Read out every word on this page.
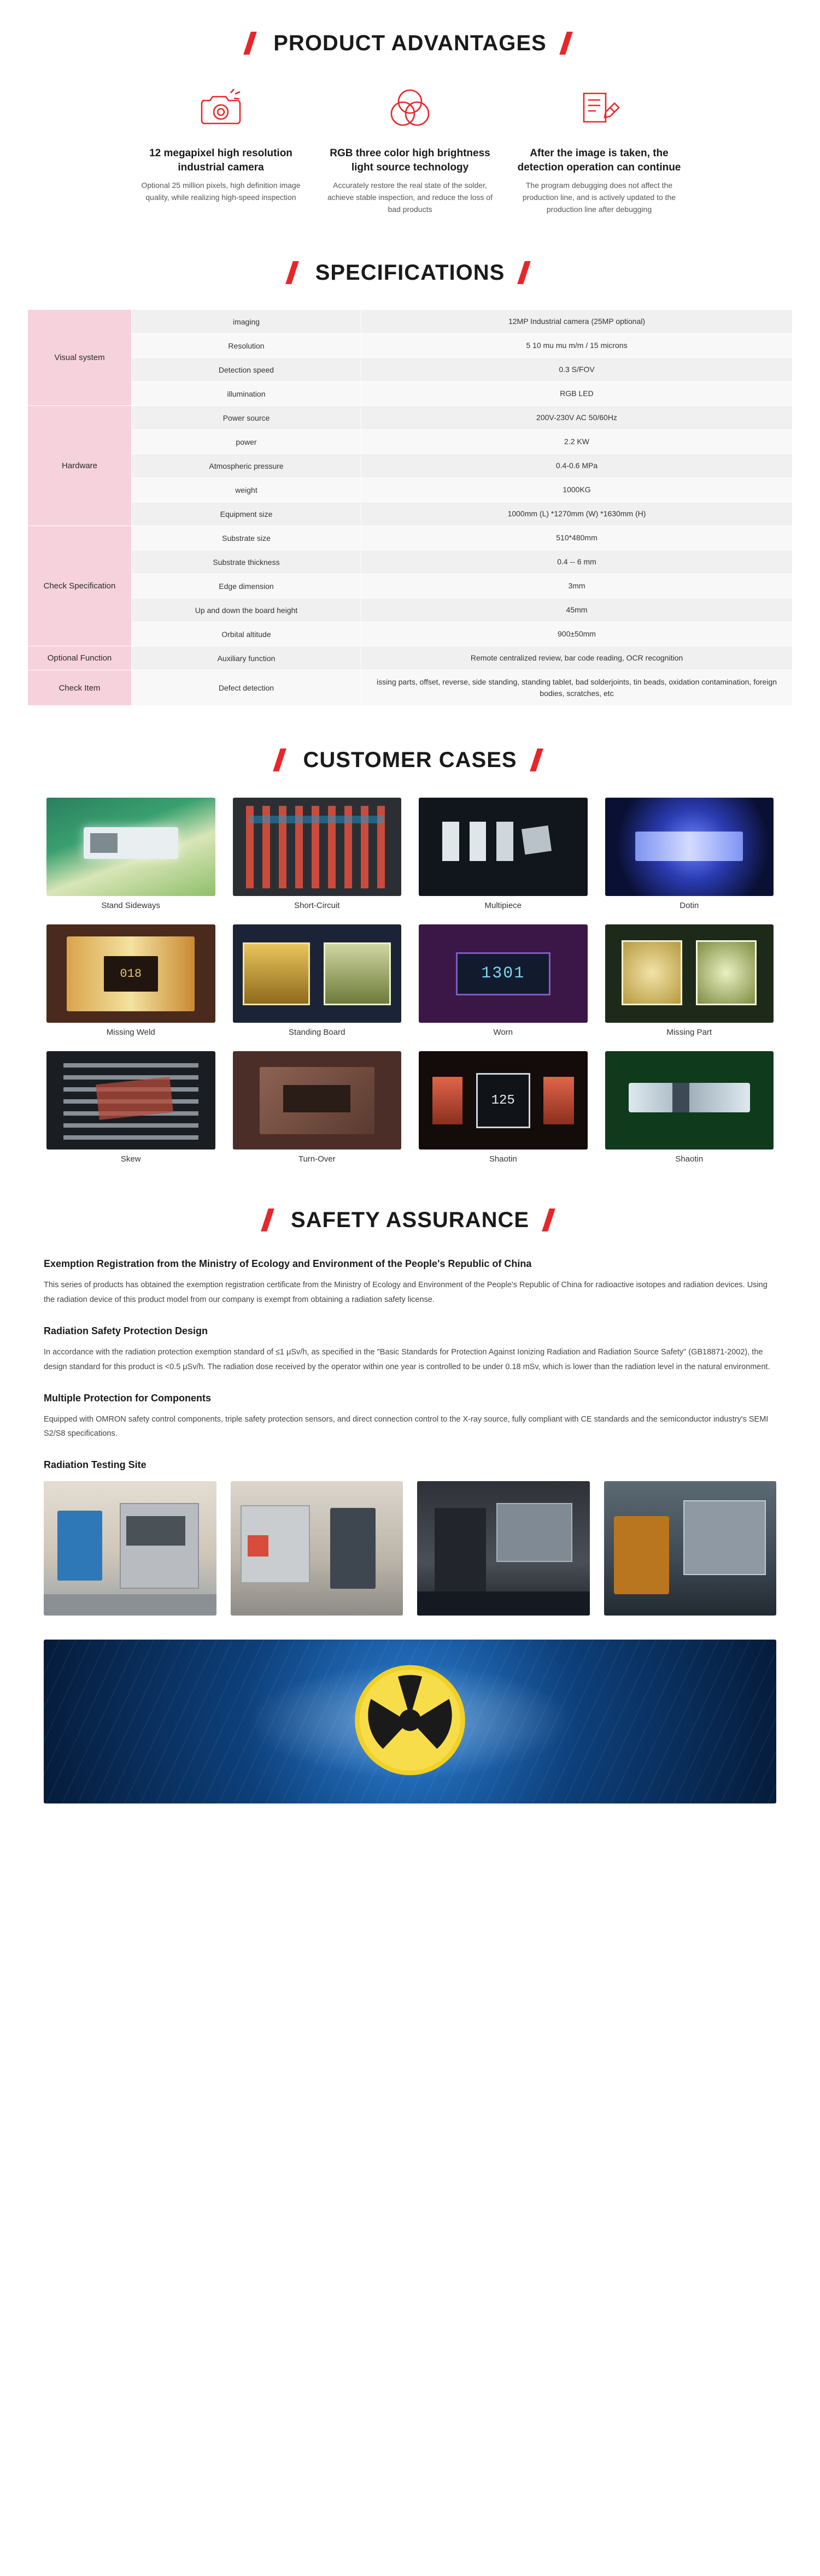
PRODUCT ADVANTAGES
12 megapixel high resolution industrial camera
Optional 25 million pixels, high definition image quality, while realizing high-speed inspection
RGB three color high brightness light source technology
Accurately restore the real state of the solder, achieve stable inspection, and reduce the loss of bad products
After the image is taken, the detection operation can continue
The program debugging does not affect the production line, and is actively updated to the production line after debugging
SPECIFICATIONS
Visual system	imaging	12MP Industrial camera (25MP optional)
	Resolution	5 10 mu mu m/m / 15 microns
	Detection speed	0.3 S/FOV
	illumination	RGB LED
Hardware	Power source	200V-230V AC 50/60Hz
	power	2.2 KW
	Atmospheric pressure	0.4-0.6 MPa
	weight	1000KG
	Equipment size	1000mm (L) *1270mm (W) *1630mm (H)
Check Specification	Substrate size	510*480mm
	Substrate thickness	0.4 -- 6 mm
	Edge dimension	3mm
	Up and down the board height	45mm
	Orbital altitude	900±50mm
Optional Function	Auxiliary function	Remote centralized review, bar code reading, OCR recognition
Check Item	Defect detection	issing parts, offset, reverse, side standing, standing tablet, bad solderjoints, tin beads, oxidation contamination, foreign bodies, scratches, etc
CUSTOMER CASES
Stand Sideways	Short-Circuit	Multipiece	Dotin
018
Missing Weld	Standing Board
1301
Worn	Missing Part
Skew	Turn-Over
125
Shaotin	Shaotin
SAFETY ASSURANCE
Exemption Registration from the Ministry of Ecology and Environment of the People's Republic of China
This series of products has obtained the exemption registration certificate from the Ministry of Ecology and Environment of the People's Republic of China for radioactive isotopes and radiation devices. Using the radiation device of this product model from our company is exempt from obtaining a radiation safety license.
Radiation Safety Protection Design
In accordance with the radiation protection exemption standard of ≤1 μSv/h, as specified in the "Basic Standards for Protection Against Ionizing Radiation and Radiation Source Safety" (GB18871-2002), the design standard for this product is <0.5 μSv/h. The radiation dose received by the operator within one year is controlled to be under 0.18 mSv, which is lower than the radiation level in the natural environment.
Multiple Protection for Components
Equipped with OMRON safety control components, triple safety protection sensors, and direct connection control to the X-ray source, fully compliant with CE standards and the semiconductor industry's SEMI S2/S8 specifications.
Radiation Testing Site
